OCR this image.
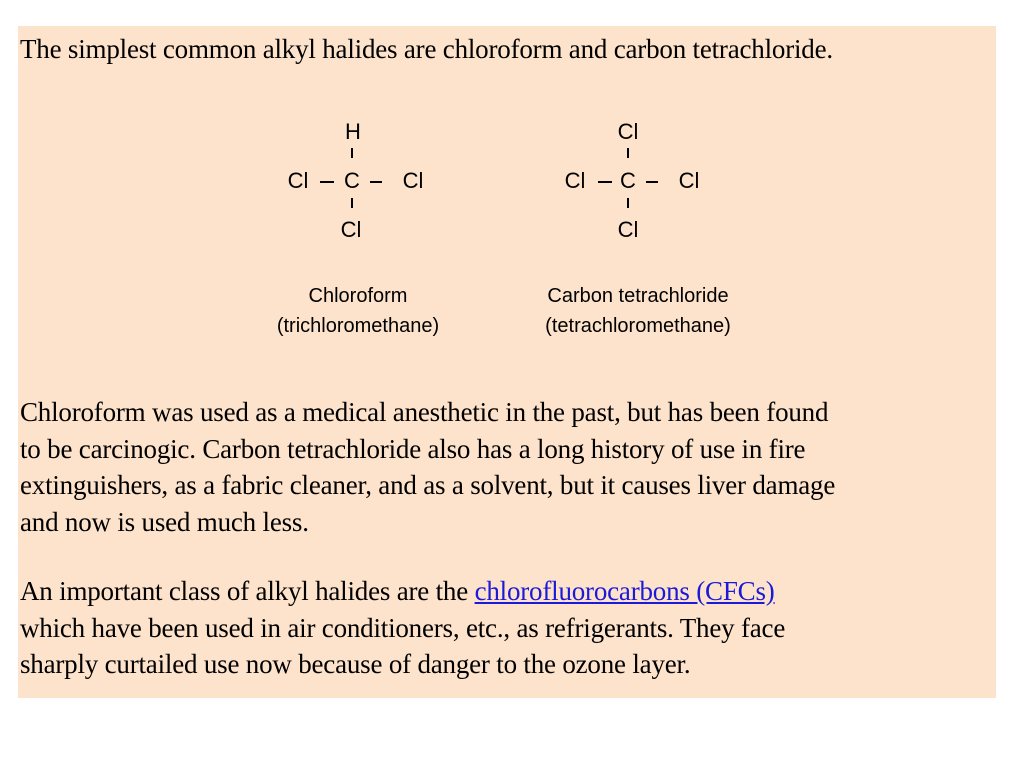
The simplest common alkyl halides are chloroform and carbon tetrachloride.

H
Cl	C	Cl
Cl
Cl
Cl	C	Cl
Cl
Chloroform
(trichloromethane)
Carbon tetrachloride
(tetrachloromethane)

Chloroform was used as a medical anesthetic in the past, but has been found
to be carcinogic. Carbon tetrachloride also has a long history of use in fire
extinguishers, as a fabric cleaner, and as a solvent, but it causes liver damage
and now is used much less.

An important class of alkyl halides are the chlorofluorocarbons (CFCs)
which have been used in air conditioners, etc., as refrigerants. They face
sharply curtailed use now because of danger to the ozone layer.
